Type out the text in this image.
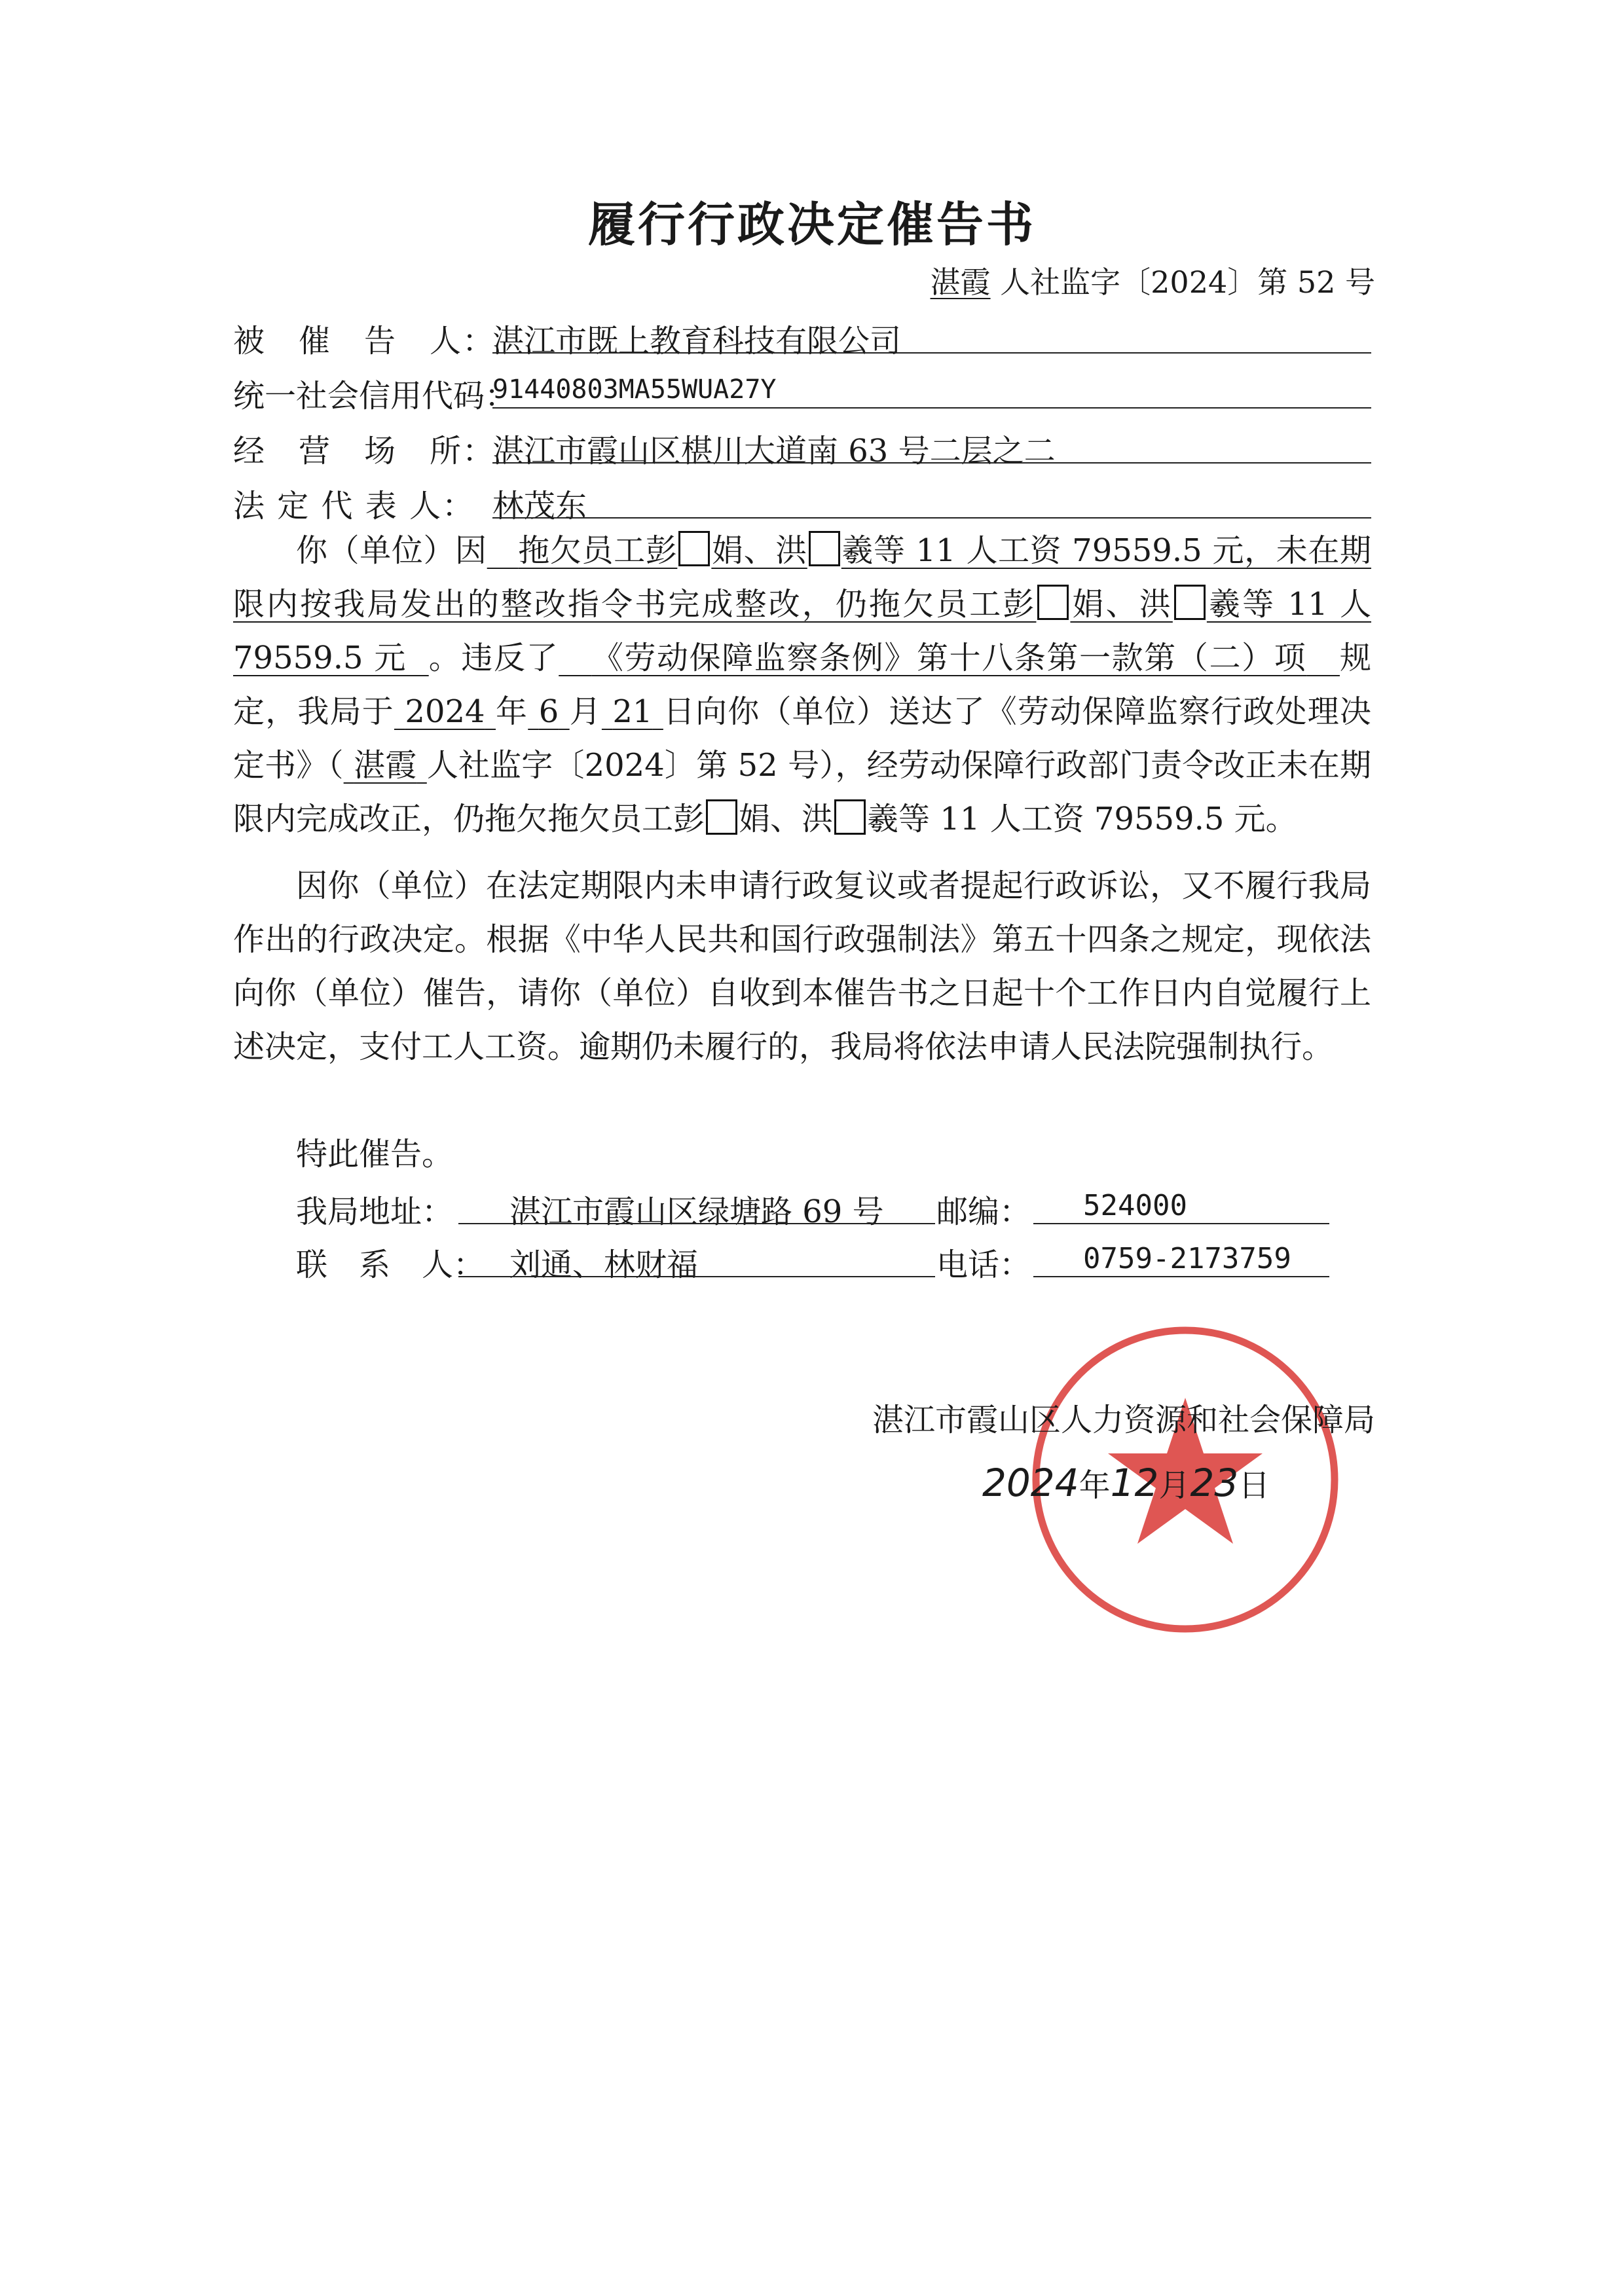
履行行政决定催告书
湛霞 人社监字〔2024〕第 52 号
被　催　告　人：
湛江市既上教育科技有限公司
统一社会信用代码：
91440803MA55WUA27Y
经　营　场　所：
湛江市霞山区椹川大道南 63 号二层之二
法 定 代 表 人： 林茂东

你（单位）因 拖欠员工彭 娟、洪 羲等 11 人工资 79559.5 元，未在期限内按我局发出的整改指令书完成整改，仍拖欠员工彭 娟、洪 羲等 11 人 79559.5 元 。违反了 《劳动保障监察条例》第十八条第一款第（二）项 规定，我局于 2024 年 6 月 21 日向你（单位）送达了《劳动保障监察行政处理决定书》（ 湛霞 人社监字〔2024〕第 52 号），经劳动保障行政部门责令改正未在期限内完成改正，仍拖欠拖欠员工彭 娟、洪 羲等 11 人工资 79559.5 元。

因你（单位）在法定期限内未申请行政复议或者提起行政诉讼，又不履行我局作出的行政决定。根据《中华人民共和国行政强制法》第五十四条之规定，现依法向你（单位）催告，请你（单位）自收到本催告书之日起十个工作日内自觉履行上述决定，支付工人工资。逾期仍未履行的，我局将依法申请人民法院强制执行。

特此催告。

我局地址： 湛江市霞山区绿塘路 69 号 邮编： 524000
联　系　人： 刘通、林财福	电话： 0759-2173759
湛江市霞山区人力资源和社会保障局
2024年12月23日
